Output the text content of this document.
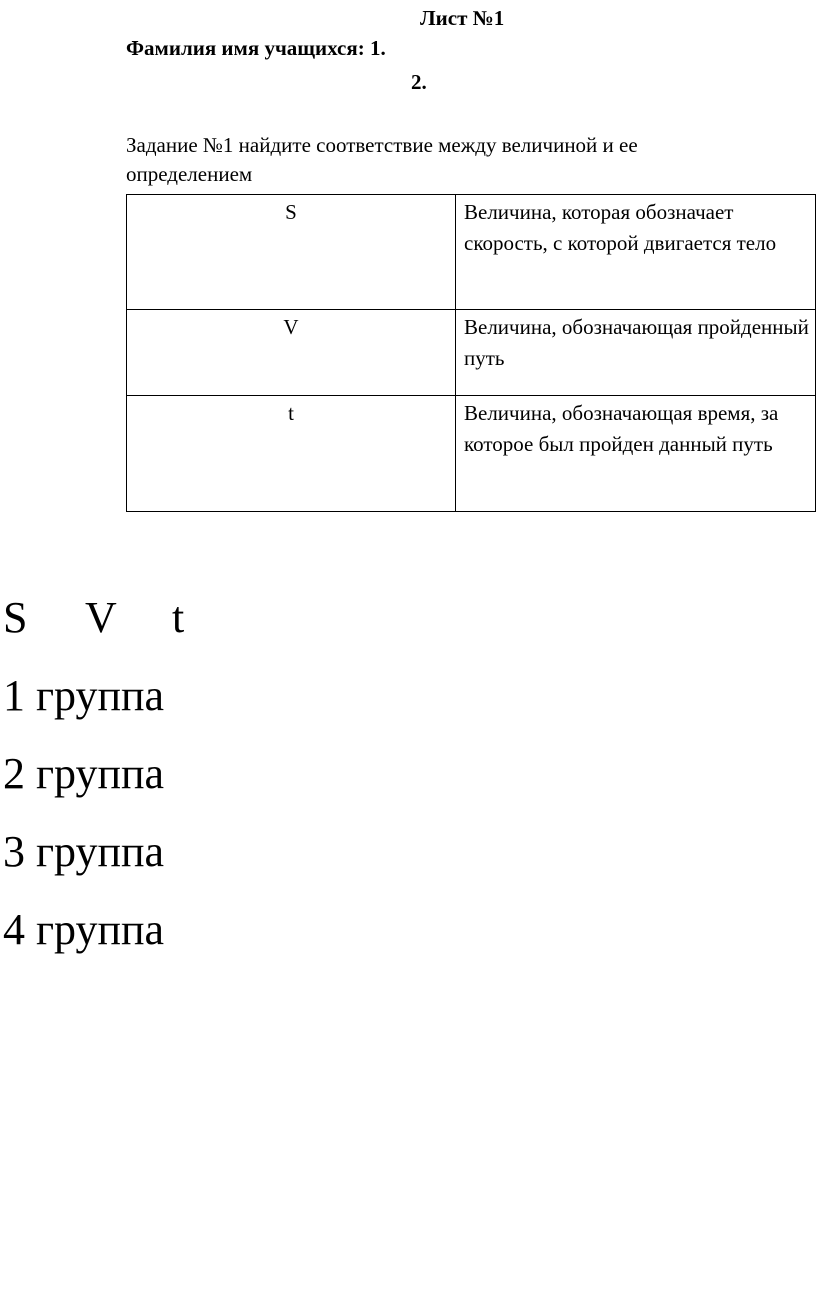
Лист №1
Фамилия имя учащихся: 1.
2.
Задание №1 найдите соответствие между величиной и ее определением
S	Величина, которая обозначает скорость, с которой двигается тело
V	Величина, обозначающая пройденный путь
t	Величина, обозначающая время, за которое был пройден данный путь
S V t
1 группа
2 группа
3 группа
4 группа
